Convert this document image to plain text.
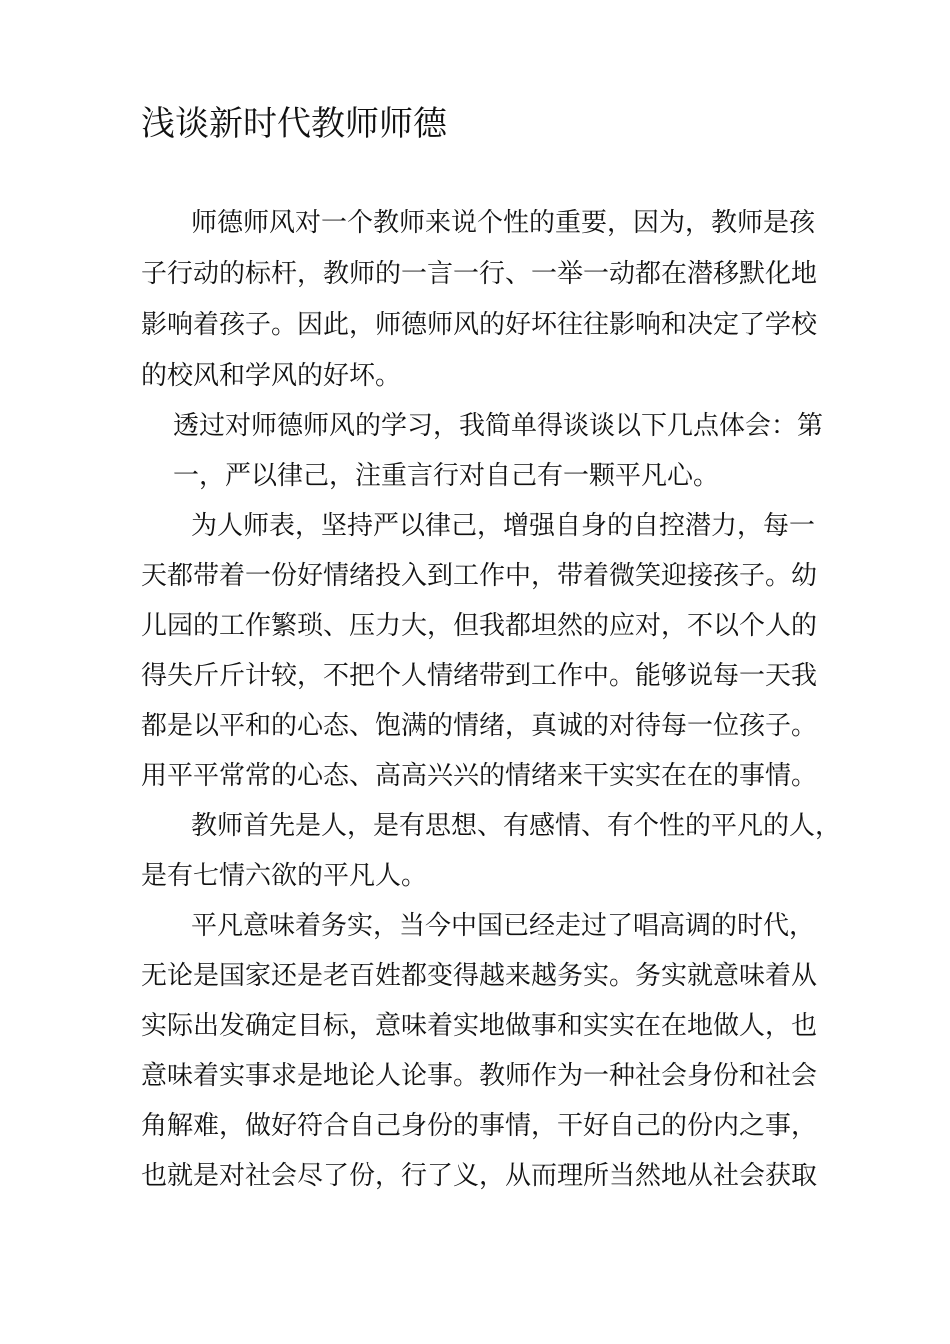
浅谈新时代教师师德

师德师风对一个教师来说个性的重要，因为，教师是孩

子行动的标杆，教师的一言一行、一举一动都在潜移默化地

影响着孩子。因此，师德师风的好坏往往影响和决定了学校

的校风和学风的好坏。

透过对师德师风的学习，我简单得谈谈以下几点体会：第

一，严以律己，注重言行对自己有一颗平凡心。

为人师表，坚持严以律己，增强自身的自控潜力，每一

天都带着一份好情绪投入到工作中，带着微笑迎接孩子。幼

儿园的工作繁琐、压力大，但我都坦然的应对，不以个人的

得失斤斤计较，不把个人情绪带到工作中。能够说每一天我

都是以平和的心态、饱满的情绪，真诚的对待每一位孩子。

用平平常常的心态、高高兴兴的情绪来干实实在在的事情。

教师首先是人，是有思想、有感情、有个性的平凡的人，

是有七情六欲的平凡人。

平凡意味着务实，当今中国已经走过了唱高调的时代，

无论是国家还是老百姓都变得越来越务实。务实就意味着从

实际出发确定目标，意味着实地做事和实实在在地做人，也

意味着实事求是地论人论事。教师作为一种社会身份和社会

角解难，做好符合自己身份的事情，干好自己的份内之事，

也就是对社会尽了份，行了义，从而理所当然地从社会获取
